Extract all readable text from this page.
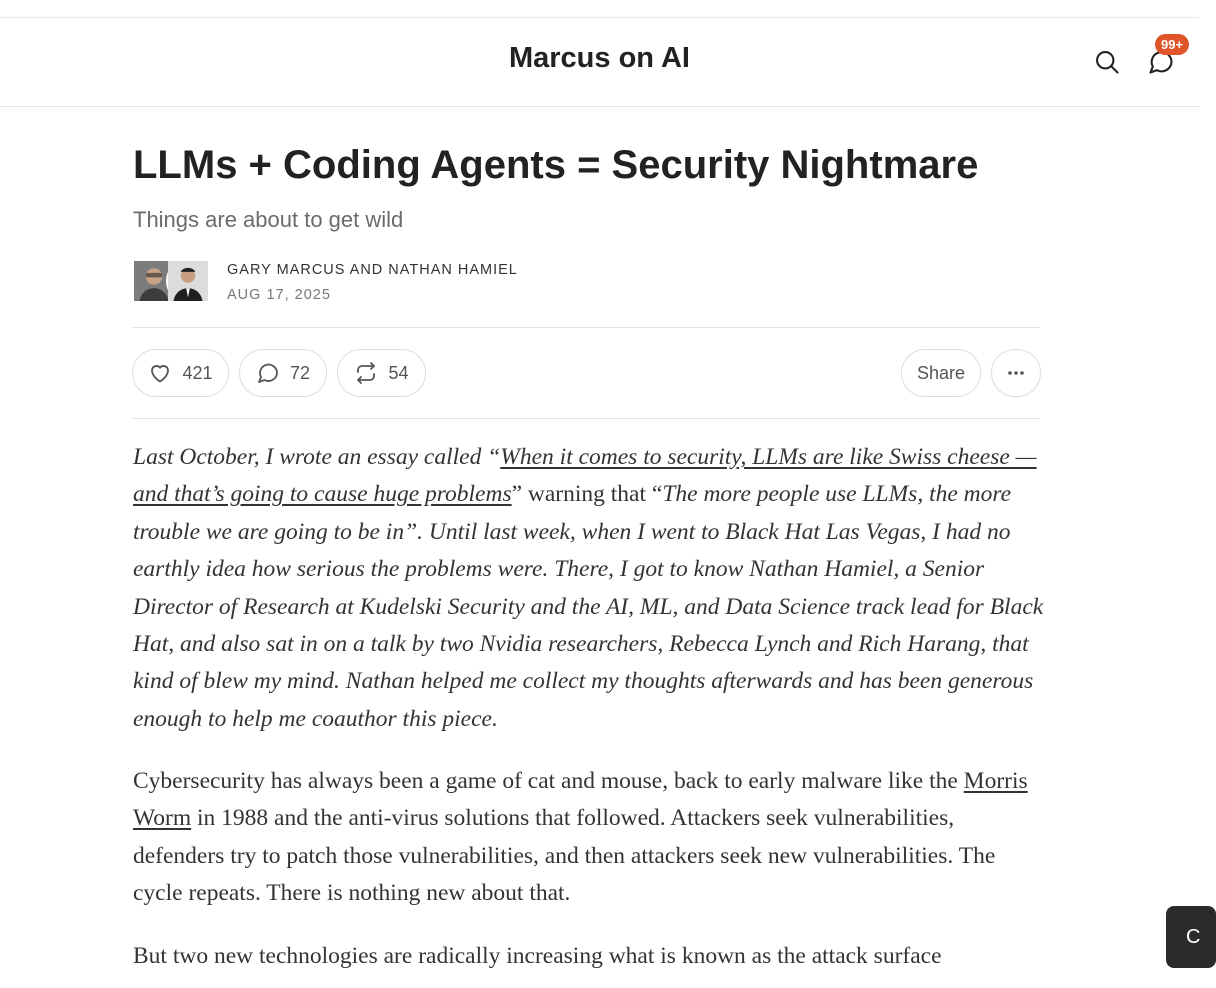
Marcus on AI	99+
LLMs + Coding Agents = Security Nightmare
Things are about to get wild
GARY MARCUS AND NATHAN HAMIEL
AUG 17, 2025
421	72	54	Share

Last October, I wrote an essay called “When it comes to security, LLMs are like Swiss cheese — and that’s going to cause huge problems” warning that “The more people use LLMs, the more trouble we are going to be in”. Until last week, when I went to Black Hat Las Vegas, I had no earthly idea how serious the problems were. There, I got to know Nathan Hamiel, a Senior Director of Research at Kudelski Security and the AI, ML, and Data Science track lead for Black Hat, and also sat in on a talk by two Nvidia researchers, Rebecca Lynch and Rich Harang, that kind of blew my mind. Nathan helped me collect my thoughts afterwards and has been generous enough to help me coauthor this piece.

Cybersecurity has always been a game of cat and mouse, back to early malware like the Morris Worm in 1988 and the anti-virus solutions that followed. Attackers seek vulnerabilities, defenders try to patch those vulnerabilities, and then attackers seek new vulnerabilities. The cycle repeats. There is nothing new about that.

But two new technologies are radically increasing what is known as the attack surface

C
